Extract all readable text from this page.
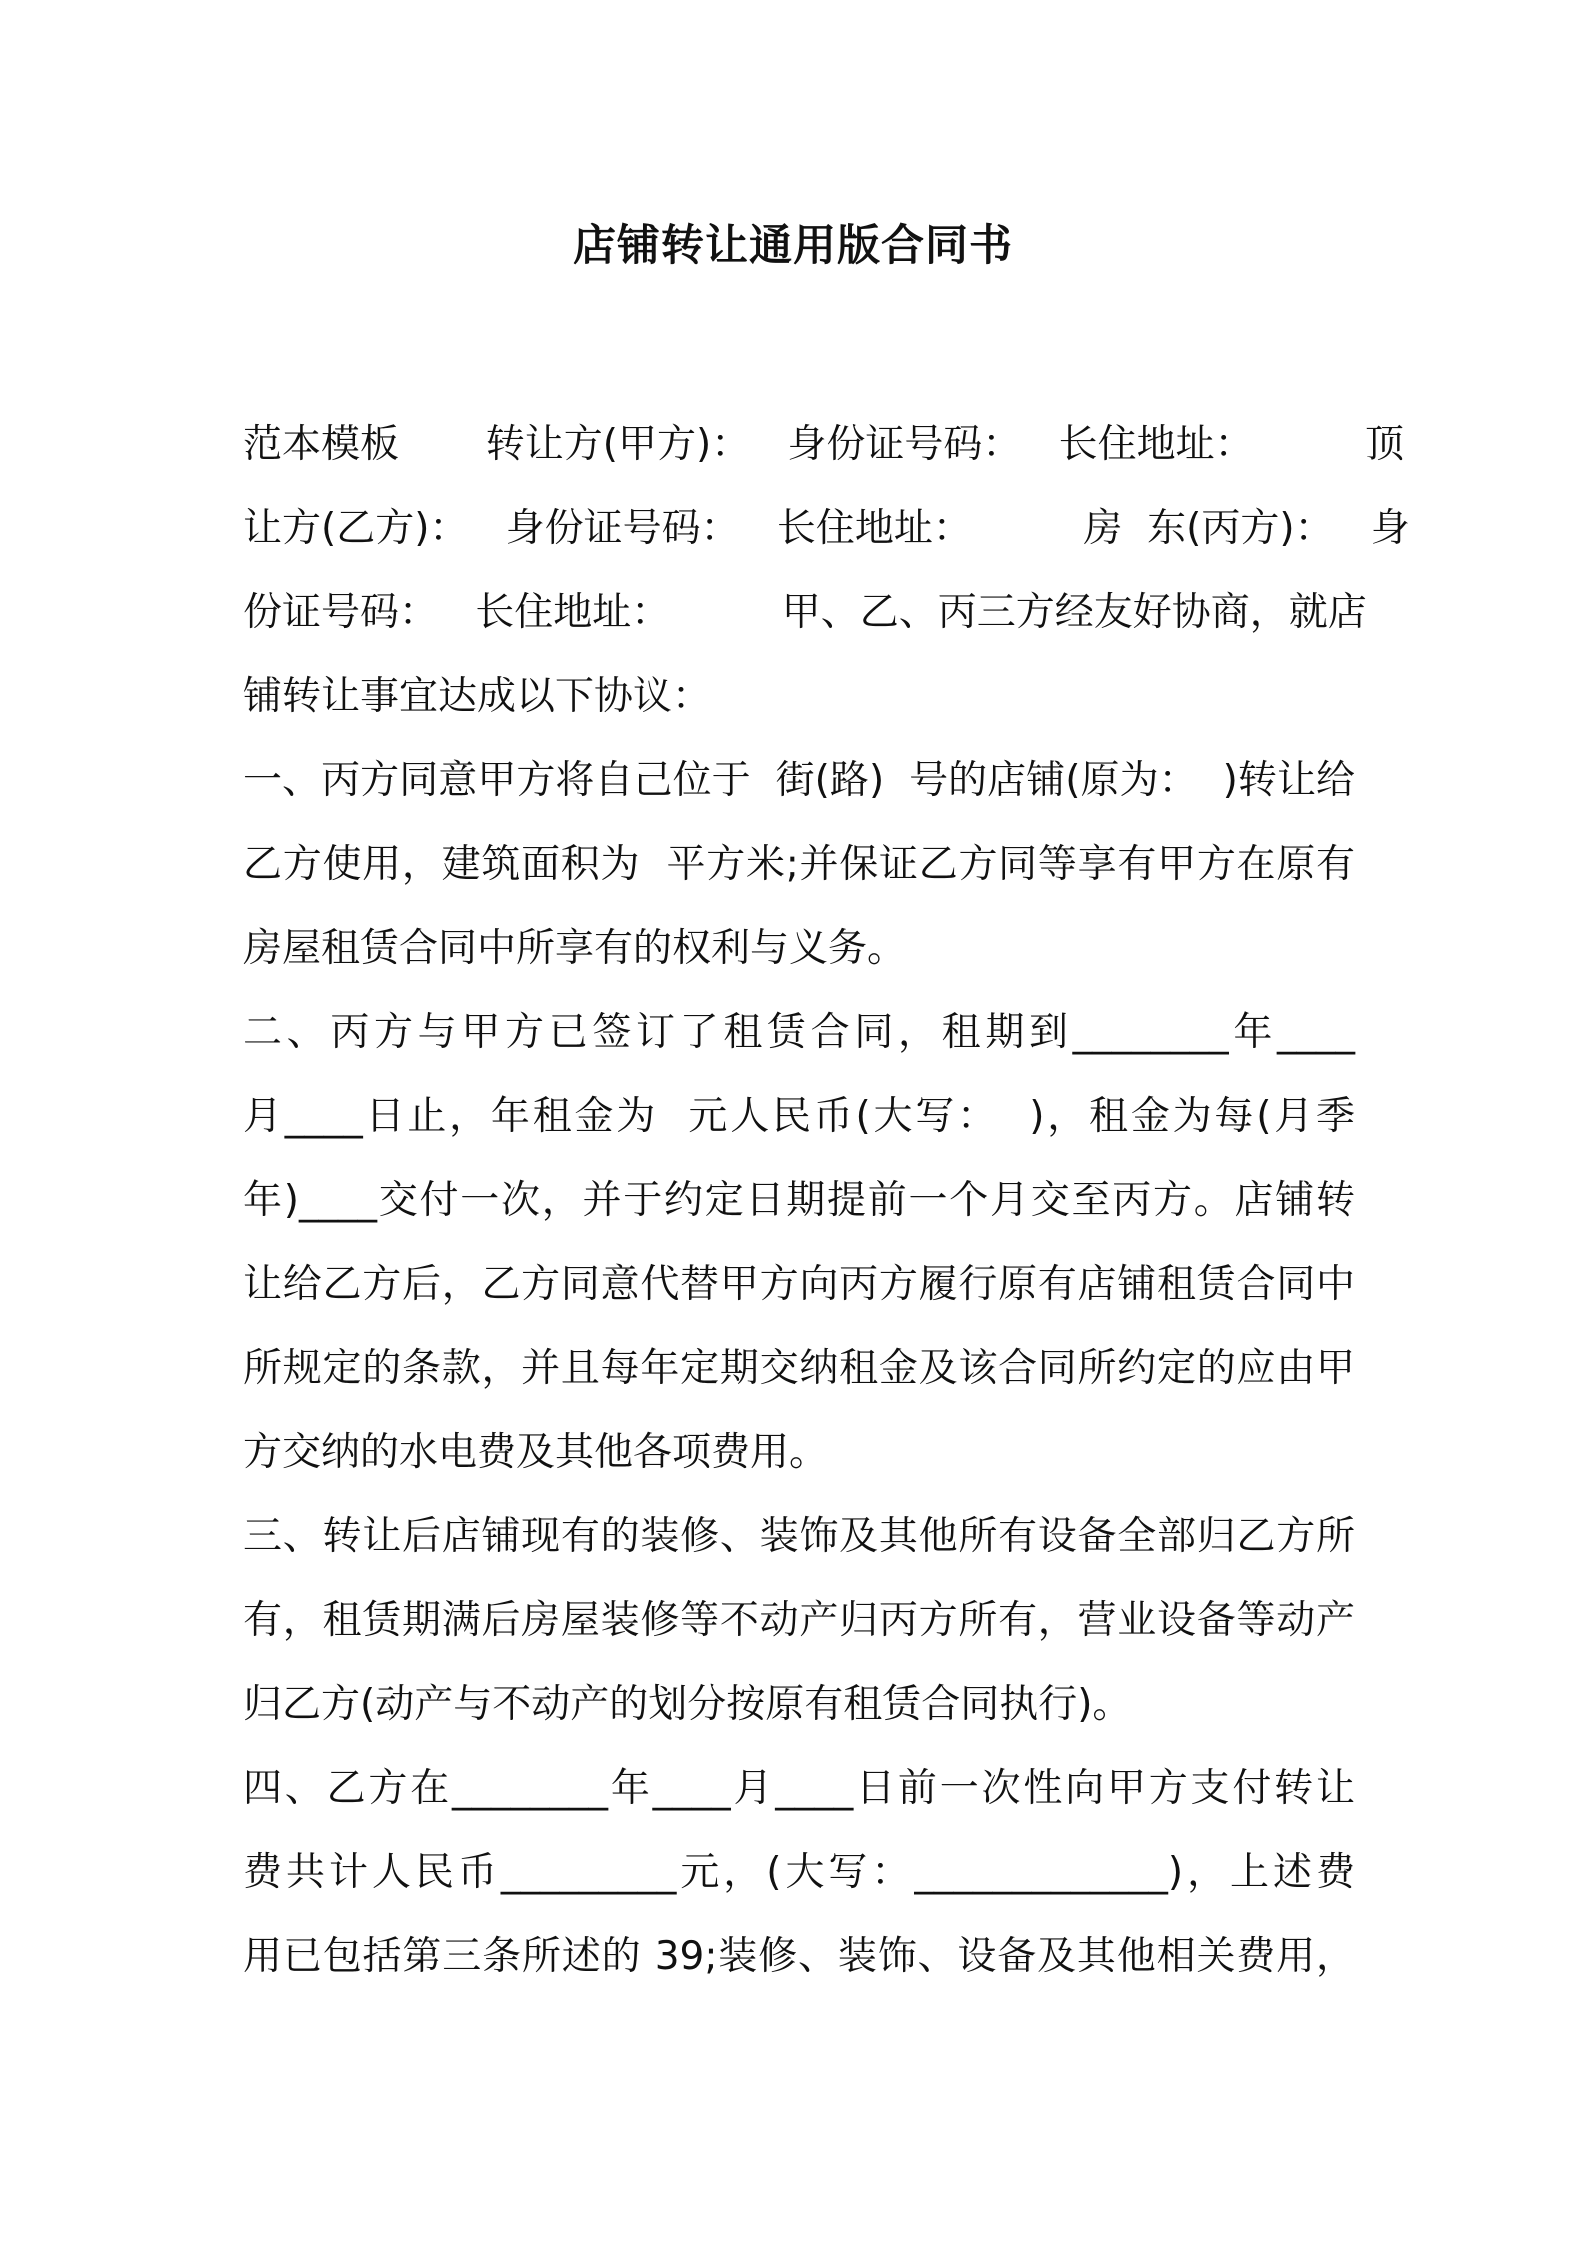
店铺转让通用版合同书
范本模板       转让方(甲方)：   身份证号码：   长住地址：         顶
让方(乙方)：   身份证号码：   长住地址：         房  东(丙方)：   身
份证号码：   长住地址：         甲、乙、丙三方经友好协商，就店
铺转让事宜达成以下协议：
一、丙方同意甲方将自己位于  街(路)  号的店铺(原为：  )转让给
乙方使用，建筑面积为  平方米;并保证乙方同等享有甲方在原有
房屋租赁合同中所享有的权利与义务。
二、丙方与甲方已签订了租赁合同，租期到________年____
月____日止，年租金为  元人民币(大写：  )，租金为每(月季
年)____交付一次，并于约定日期提前一个月交至丙方。店铺转
让给乙方后，乙方同意代替甲方向丙方履行原有店铺租赁合同中
所规定的条款，并且每年定期交纳租金及该合同所约定的应由甲
方交纳的水电费及其他各项费用。
三、转让后店铺现有的装修、装饰及其他所有设备全部归乙方所
有，租赁期满后房屋装修等不动产归丙方所有，营业设备等动产
归乙方(动产与不动产的划分按原有租赁合同执行)。
四、乙方在________年____月____日前一次性向甲方支付转让
费共计人民币_________元，(大写：_____________)，上述费
用已包括第三条所述的 39;装修、装饰、设备及其他相关费用，
